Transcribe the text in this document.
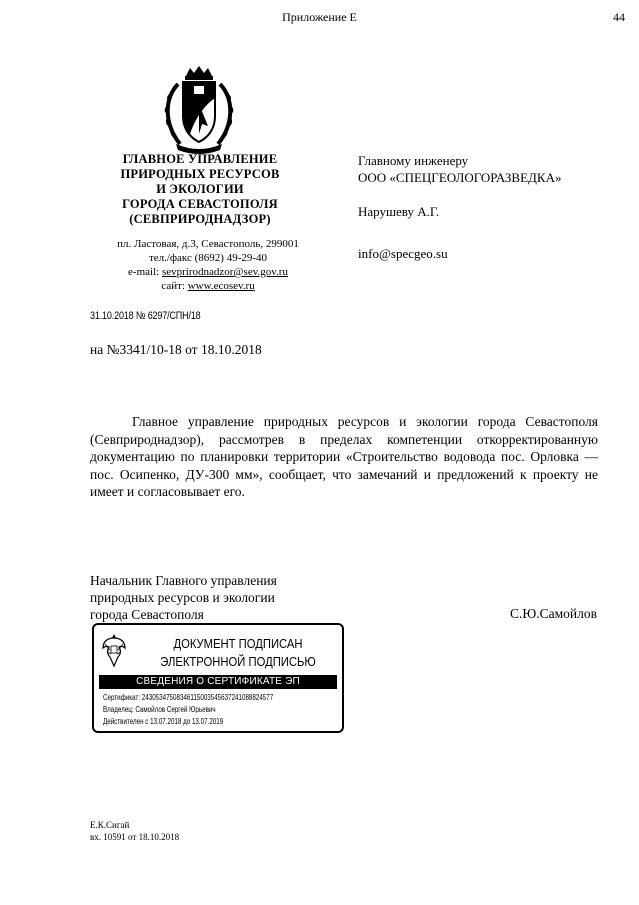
Приложение Е	44
ГЛАВНОЕ УПРАВЛЕНИЕ
ПРИРОДНЫХ РЕСУРСОВ
И ЭКОЛОГИИ
ГОРОДА СЕВАСТОПОЛЯ
(СЕВПРИРОДНАДЗОР)
пл. Ластовая, д.3, Севастополь, 299001
тел./факс (8692) 49-29-40
e-mail: sevprirodnadzor@sev.gov.ru
сайт: www.ecosev.ru
Главному инженеру
ООО «СПЕЦГЕОЛОГОРАЗВЕДКА»
Нарушеву А.Г.
info@specgeo.su
31.10.2018 № 6297/СПН/18
на №3341/10-18 от 18.10.2018
Главное управление природных ресурсов и экологии города Севастополя (Севприроднадзор), рассмотрев в пределах компетенции откорректированную документацию по планировки территории «Строительство водовода пос. Орловка — пос. Осипенко, ДУ-300 мм», сообщает, что замечаний и предложений к проекту не имеет и согласовывает его.
Начальник Главного управления
природных ресурсов и экологии
города Севастополя	С.Ю.Самойлов
ДОКУМЕНТ ПОДПИСАН
ЭЛЕКТРОННОЙ ПОДПИСЬЮ
СВЕДЕНИЯ О СЕРТИФИКАТЕ ЭП
Сертификат: 24305347508346115003545637241088824577
Владелец: Самойлов Сергей Юрьевич
Действителен с 13.07.2018 до 13.07.2019
Е.К.Сигай
вх. 10591 от 18.10.2018
